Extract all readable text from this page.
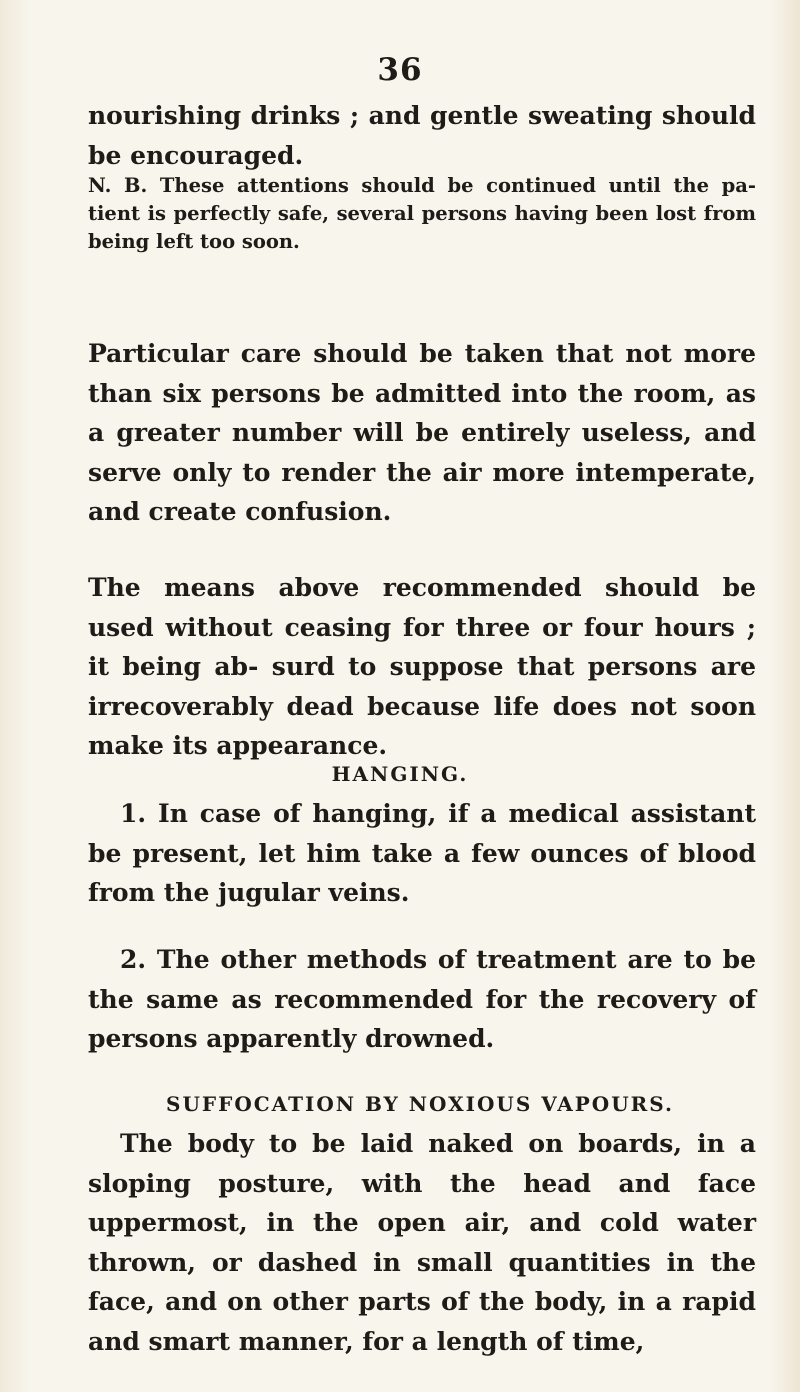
36

nourishing drinks ; and gentle sweating should be encouraged.

N. B. These attentions should be continued until the pa- tient is perfectly safe, several persons having been lost from being left too soon.

Particular care should be taken that not more than six persons be admitted into the room, as a greater number will be entirely useless, and serve only to render the air more intemperate, and create confusion.

The means above recommended should be used without ceasing for three or four hours ; it being ab- surd to suppose that persons are irrecoverably dead because life does not soon make its appearance.

HANGING.

1. In case of hanging, if a medical assistant be present, let him take a few ounces of blood from the jugular veins.

2. The other methods of treatment are to be the same as recommended for the recovery of persons apparently drowned.

SUFFOCATION BY NOXIOUS VAPOURS.

The body to be laid naked on boards, in a sloping posture, with the head and face uppermost, in the open air, and cold water thrown, or dashed in small quantities in the face, and on other parts of the body, in a rapid and smart manner, for a length of time,
